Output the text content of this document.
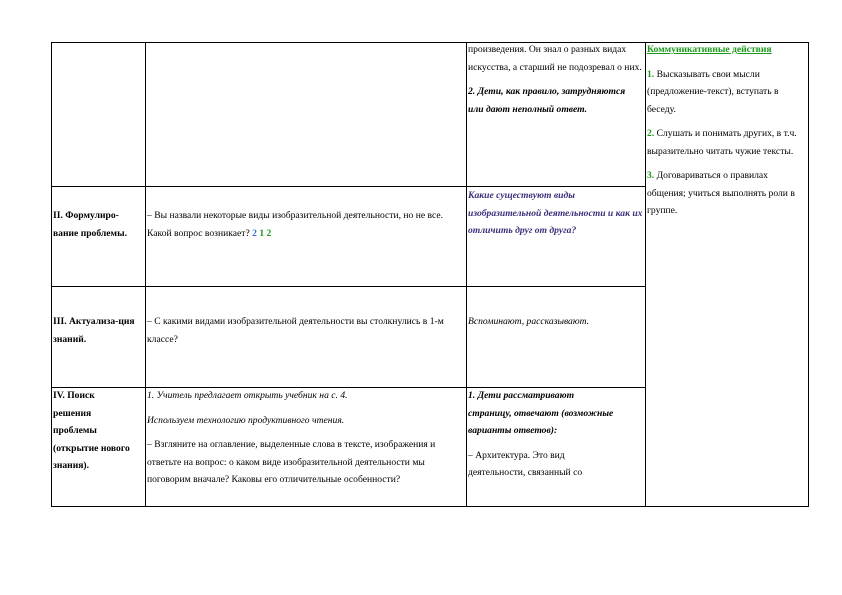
произведения. Он знал о разных видах искусства, а старший не подозревал о них.

2. Дети, как правило, затрудняются или дают неполный ответ.

Коммуникативные действия

1. Высказывать свои мысли (предложение-текст), вступать в беседу.

2. Слушать и понимать других, в т.ч. выразительно читать чужие тексты.

3. Договариваться о правилах общения; учиться выполнять роли в группе.

II. Формулиро-вание проблемы.
– Вы назвали некоторые виды изобразительной деятельности, но не все. Какой вопрос возникает? 2 1 2
Какие существуют виды изобразительной деятельности и как их отличить друг от друга?
III. Актуализа-ция знаний.
– С какими видами изобразительной деятельности вы столкнулись в 1-м классе?
Вспоминают, рассказывают.
IV. Поиск решения проблемы (открытие нового знания).

1. Учитель предлагает открыть учебник на с. 4.

Используем технологию продуктивного чтения.

– Взгляните на оглавление, выделенные слова в тексте, изображения и ответьте на вопрос: о каком виде изобразительной деятельности мы поговорим вначале? Каковы его отличительные особенности?

1. Дети рассматривают страницу, отвечают (возможные варианты ответов):

– Архитектура. Это вид деятельности, связанный со
